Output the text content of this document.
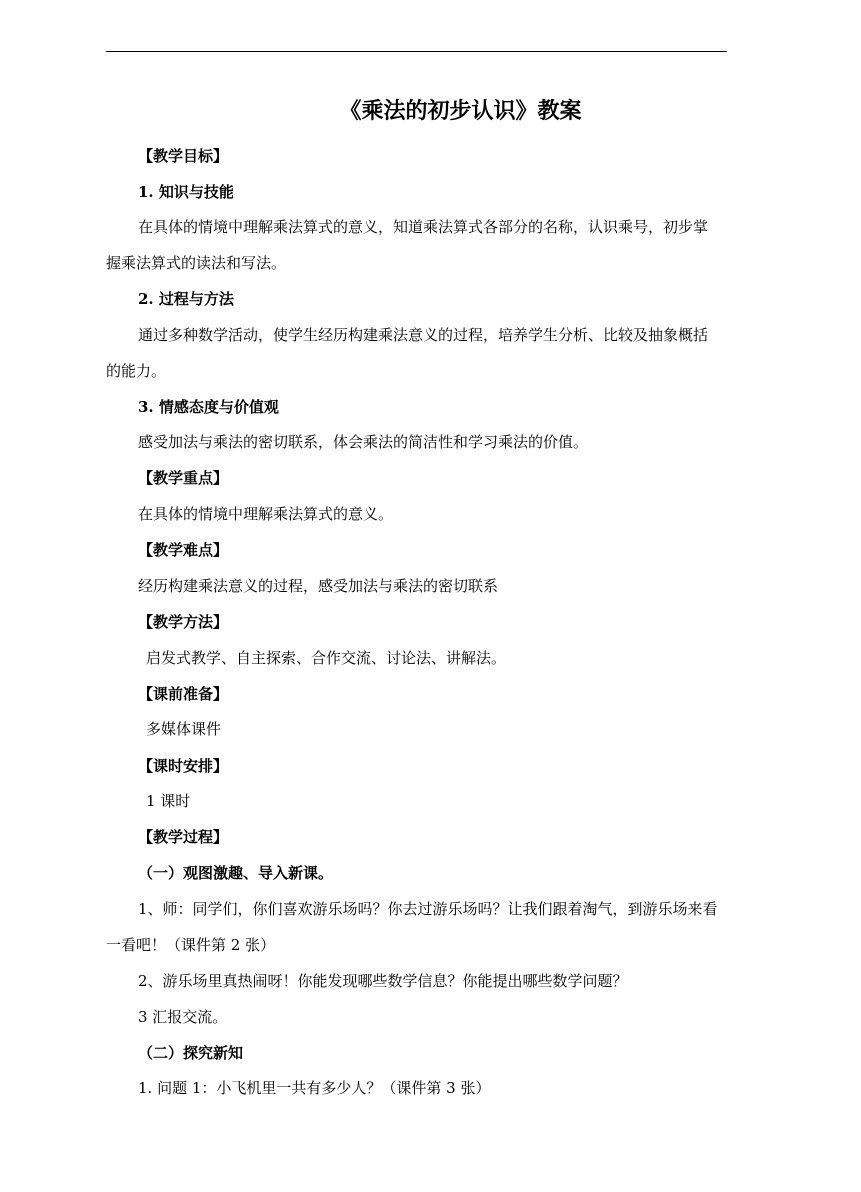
《乘法的初步认识》教案
【教学目标】
1. 知识与技能
在具体的情境中理解乘法算式的意义，知道乘法算式各部分的名称，认识乘号，初步掌
握乘法算式的读法和写法。
2. 过程与方法
通过多种数学活动，使学生经历构建乘法意义的过程，培养学生分析、比较及抽象概括
的能力。
3. 情感态度与价值观
感受加法与乘法的密切联系，体会乘法的简洁性和学习乘法的价值。
【教学重点】
在具体的情境中理解乘法算式的意义。
【教学难点】
经历构建乘法意义的过程，感受加法与乘法的密切联系
【教学方法】
启发式教学、自主探索、合作交流、讨论法、讲解法。
【课前准备】
多媒体课件
【课时安排】
1 课时
【教学过程】
（一）观图激趣、导入新课。
1、师：同学们，你们喜欢游乐场吗？你去过游乐场吗？让我们跟着淘气，到游乐场来看
一看吧！（课件第 2 张）
2、游乐场里真热闹呀！你能发现哪些数学信息？你能提出哪些数学问题？
3 汇报交流。
（二）探究新知
1. 问题 1：小飞机里一共有多少人？（课件第 3 张）
